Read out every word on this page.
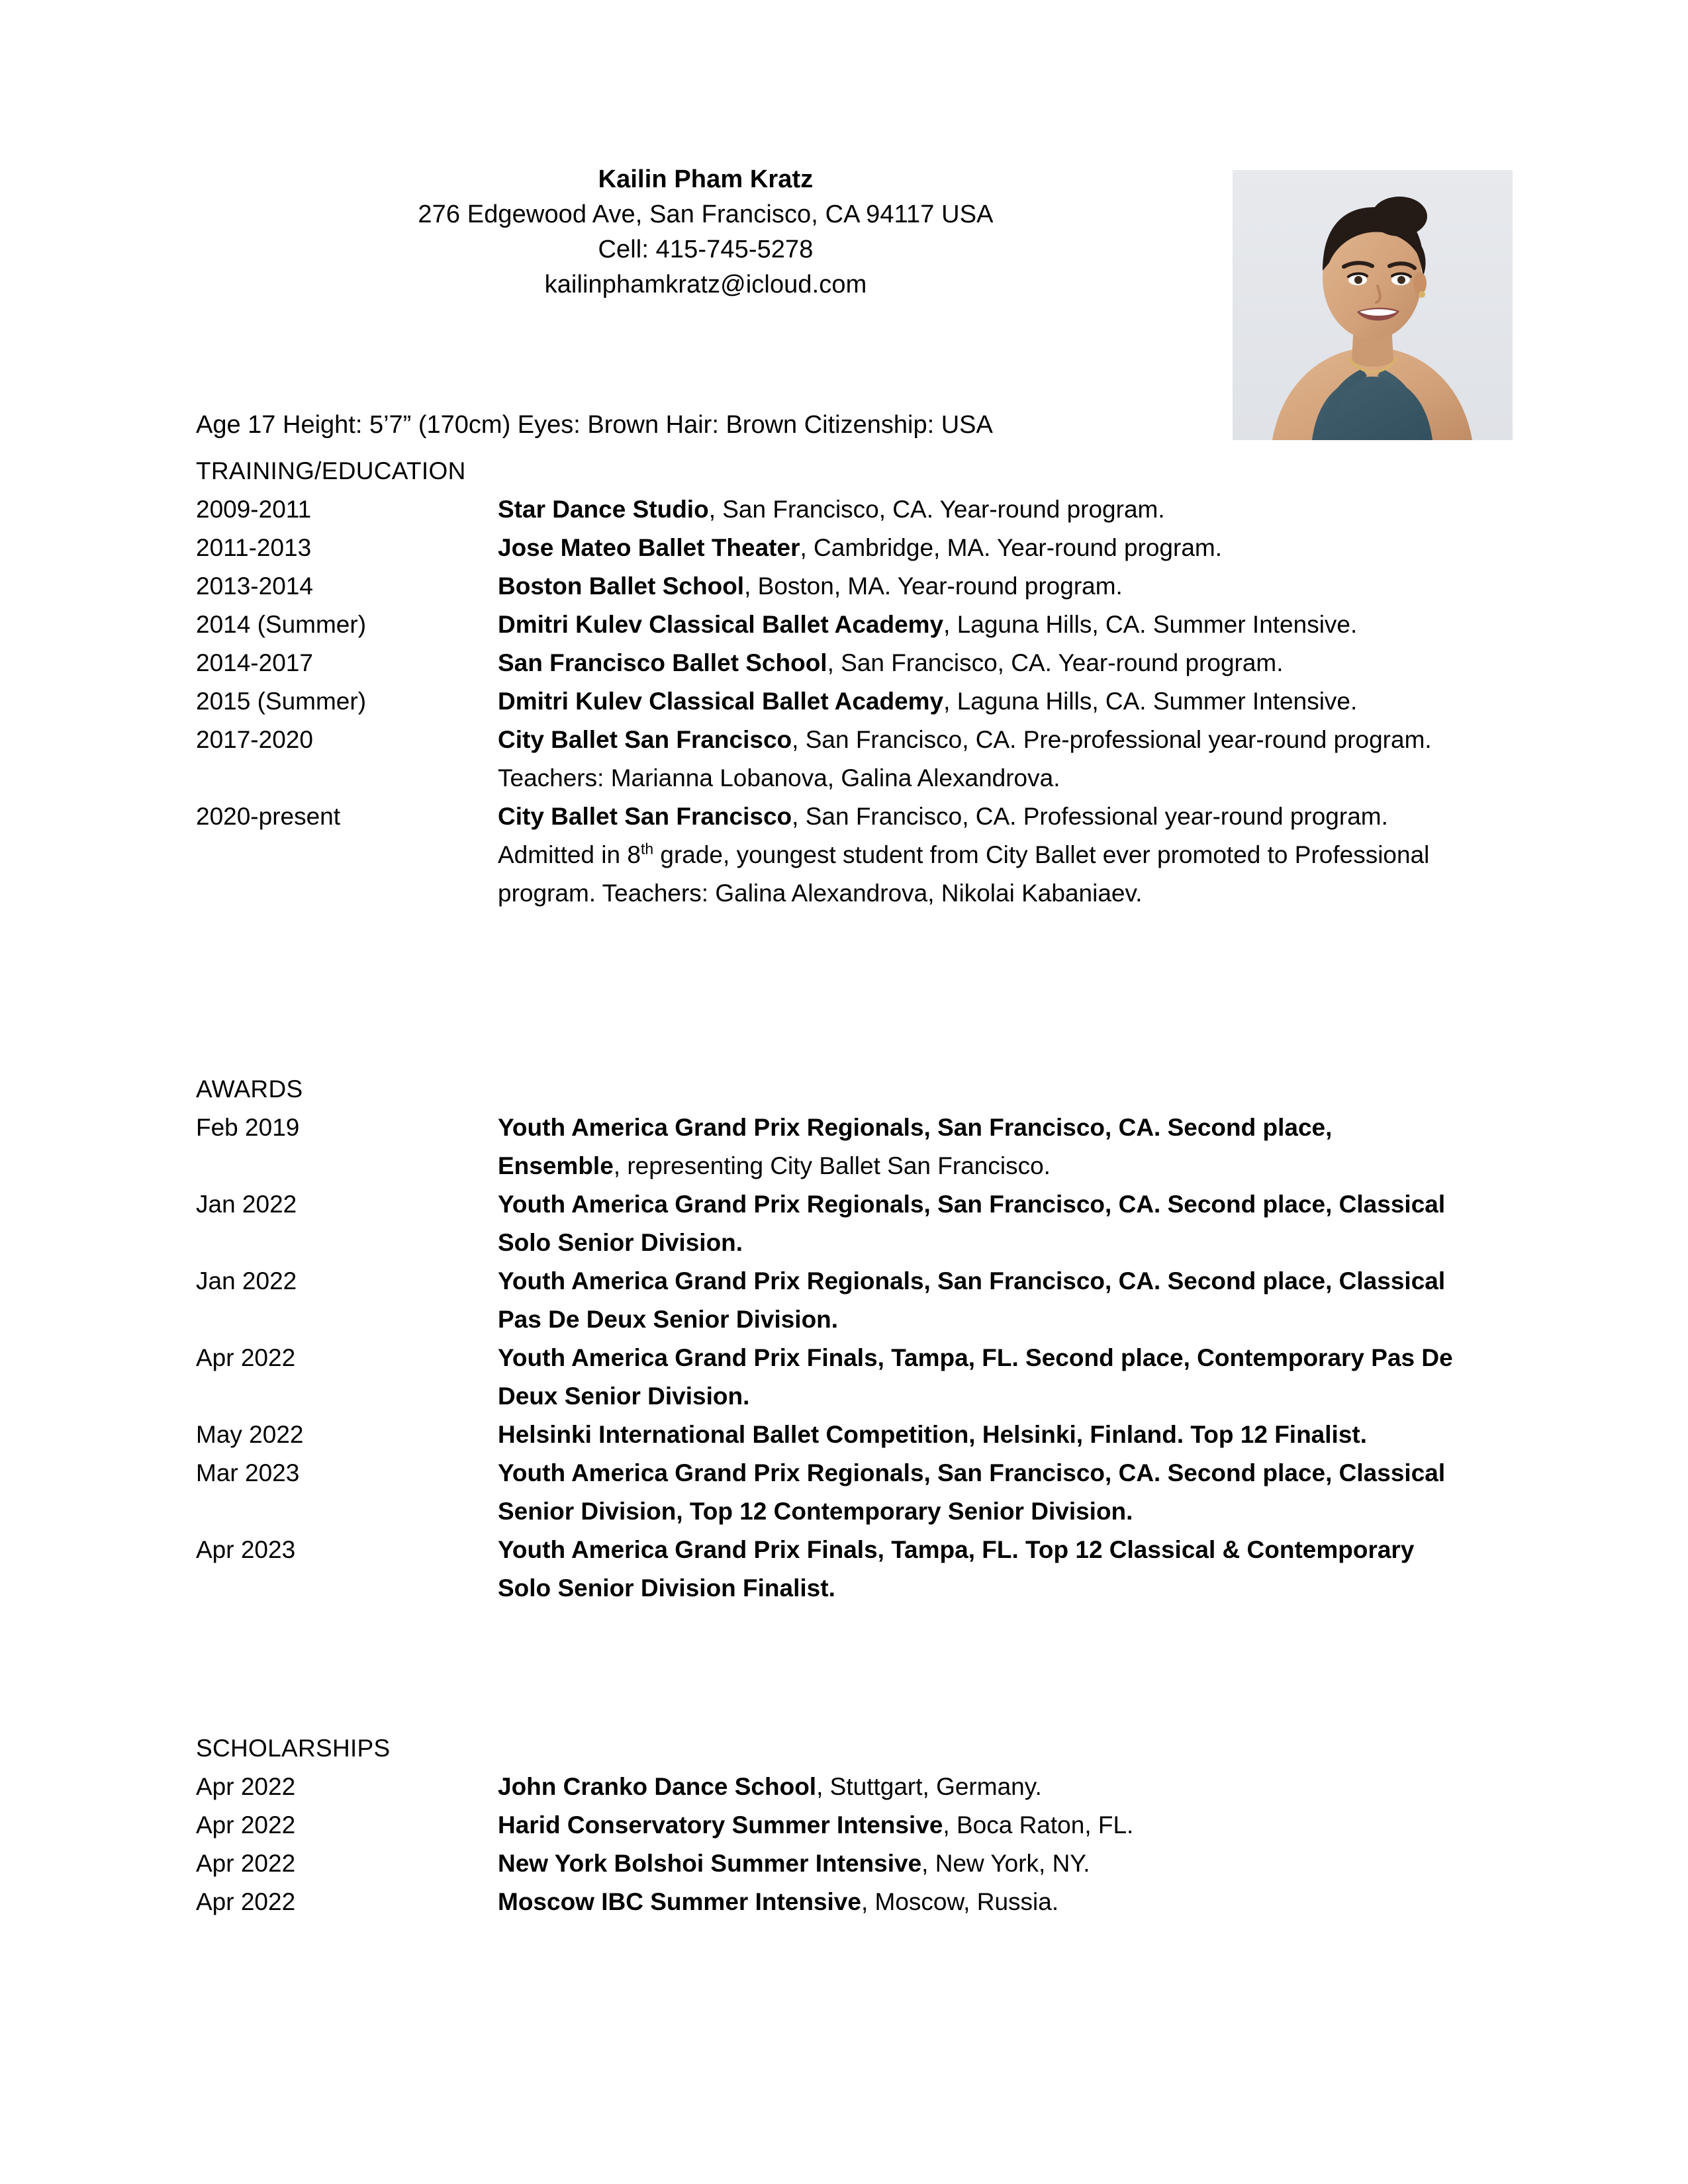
Kailin Pham Kratz
276 Edgewood Ave, San Francisco, CA 94117 USA
Cell: 415-745-5278
kailinphamkratz@icloud.com
Age 17 Height: 5’7” (170cm) Eyes: Brown Hair: Brown Citizenship: USA
TRAINING/EDUCATION
2009-2011	Star Dance Studio, San Francisco, CA. Year-round program.
2011-2013	Jose Mateo Ballet Theater, Cambridge, MA. Year-round program.
2013-2014	Boston Ballet School, Boston, MA. Year-round program.
2014 (Summer)	Dmitri Kulev Classical Ballet Academy, Laguna Hills, CA. Summer Intensive.
2014-2017	San Francisco Ballet School, San Francisco, CA. Year-round program.
2015 (Summer)	Dmitri Kulev Classical Ballet Academy, Laguna Hills, CA. Summer Intensive.
2017-2020	City Ballet San Francisco, San Francisco, CA. Pre-professional year-round program. Teachers: Marianna Lobanova, Galina Alexandrova.
2020-present	City Ballet San Francisco, San Francisco, CA. Professional year-round program. Admitted in 8th grade, youngest student from City Ballet ever promoted to Professional program. Teachers: Galina Alexandrova, Nikolai Kabaniaev.
AWARDS
Feb 2019	Youth America Grand Prix Regionals, San Francisco, CA. Second place, Ensemble, representing City Ballet San Francisco.
Jan 2022	Youth America Grand Prix Regionals, San Francisco, CA. Second place, Classical Solo Senior Division.
Jan 2022	Youth America Grand Prix Regionals, San Francisco, CA. Second place, Classical Pas De Deux Senior Division.
Apr 2022	Youth America Grand Prix Finals, Tampa, FL. Second place, Contemporary Pas De Deux Senior Division.
May 2022	Helsinki International Ballet Competition, Helsinki, Finland. Top 12 Finalist.
Mar 2023	Youth America Grand Prix Regionals, San Francisco, CA. Second place, Classical Senior Division, Top 12 Contemporary Senior Division.
Apr 2023	Youth America Grand Prix Finals, Tampa, FL. Top 12 Classical & Contemporary Solo Senior Division Finalist.
SCHOLARSHIPS
Apr 2022	John Cranko Dance School, Stuttgart, Germany.
Apr 2022	Harid Conservatory Summer Intensive, Boca Raton, FL.
Apr 2022	New York Bolshoi Summer Intensive, New York, NY.
Apr 2022	Moscow IBC Summer Intensive, Moscow, Russia.
